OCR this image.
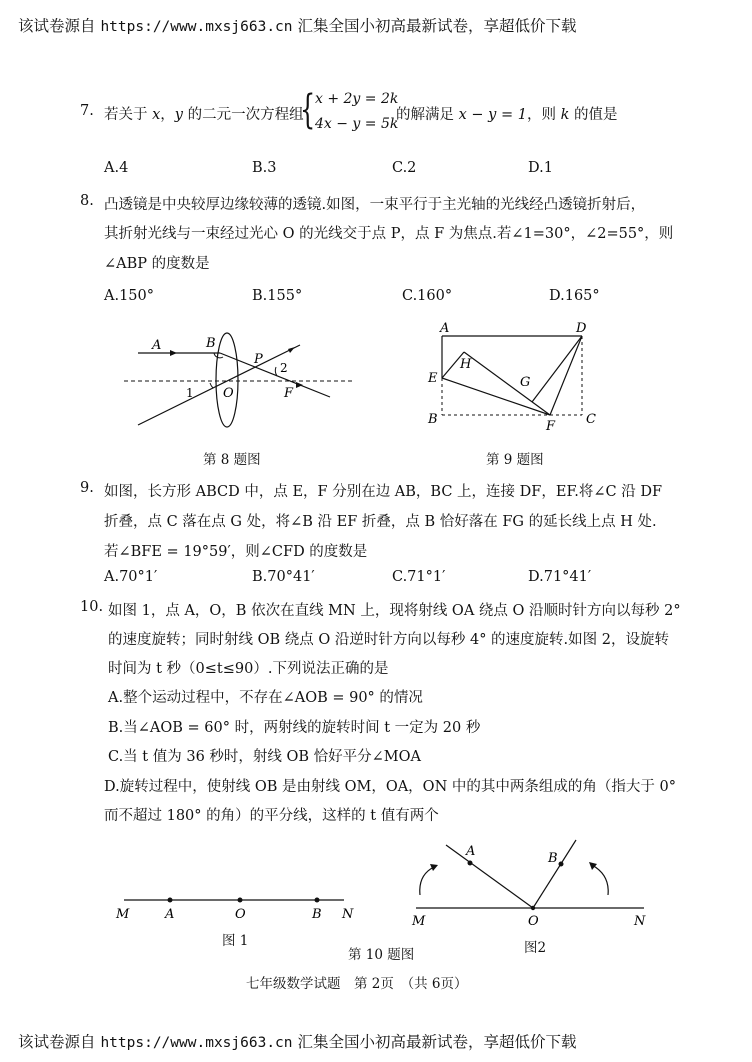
该试卷源自 https://www.mxsj663.cn 汇集全国小初高最新试卷，享超低价下载
7. 若关于 x，y 的二元一次方程组
{ x + 2y = 2k
4x − y = 5k
的解满足 x − y = 1，则 k 的值是
A.4	B.3	C.2	D.1
8. 凸透镜是中央较厚边缘较薄的透镜.如图，一束平行于主光轴的光线经凸透镜折射后，
其折射光线与一束经过光心 O 的光线交于点 P，点 F 为焦点.若∠1=30°，∠2=55°，则
∠ABP 的度数是
A.150°	B.155°	C.160°	D.165°
A	B
P
2
1 O	F
第 8 题图
A	D
H
E	G
B	F C
第 9 题图
9. 如图，长方形 ABCD 中，点 E，F 分别在边 AB，BC 上，连接 DF，EF.将∠C 沿 DF
折叠，点 C 落在点 G 处，将∠B 沿 EF 折叠，点 B 恰好落在 FG 的延长线上点 H 处.
若∠BFE = 19°59′，则∠CFD 的度数是
A.70°1′	B.70°41′	C.71°1′	D.71°41′
10. 如图 1，点 A，O，B 依次在直线 MN 上，现将射线 OA 绕点 O 沿顺时针方向以每秒 2°
的速度旋转；同时射线 OB 绕点 O 沿逆时针方向以每秒 4° 的速度旋转.如图 2，设旋转
时间为 t 秒（0≤t≤90）.下列说法正确的是
A.整个运动过程中，不存在∠AOB = 90° 的情况
B.当∠AOB = 60° 时，两射线的旋转时间 t 一定为 20 秒
C.当 t 值为 36 秒时，射线 OB 恰好平分∠MOA
D.旋转过程中，使射线 OB 是由射线 OM，OA，ON 中的其中两条组成的角（指大于 0°
而不超过 180° 的角）的平分线，这样的 t 值有两个
M	A	O	B N
图 1
第 10 题图
A	B
M	O	N
图2
七年级数学试题　第 2页　（共 6页）
该试卷源自 https://www.mxsj663.cn 汇集全国小初高最新试卷，享超低价下载
